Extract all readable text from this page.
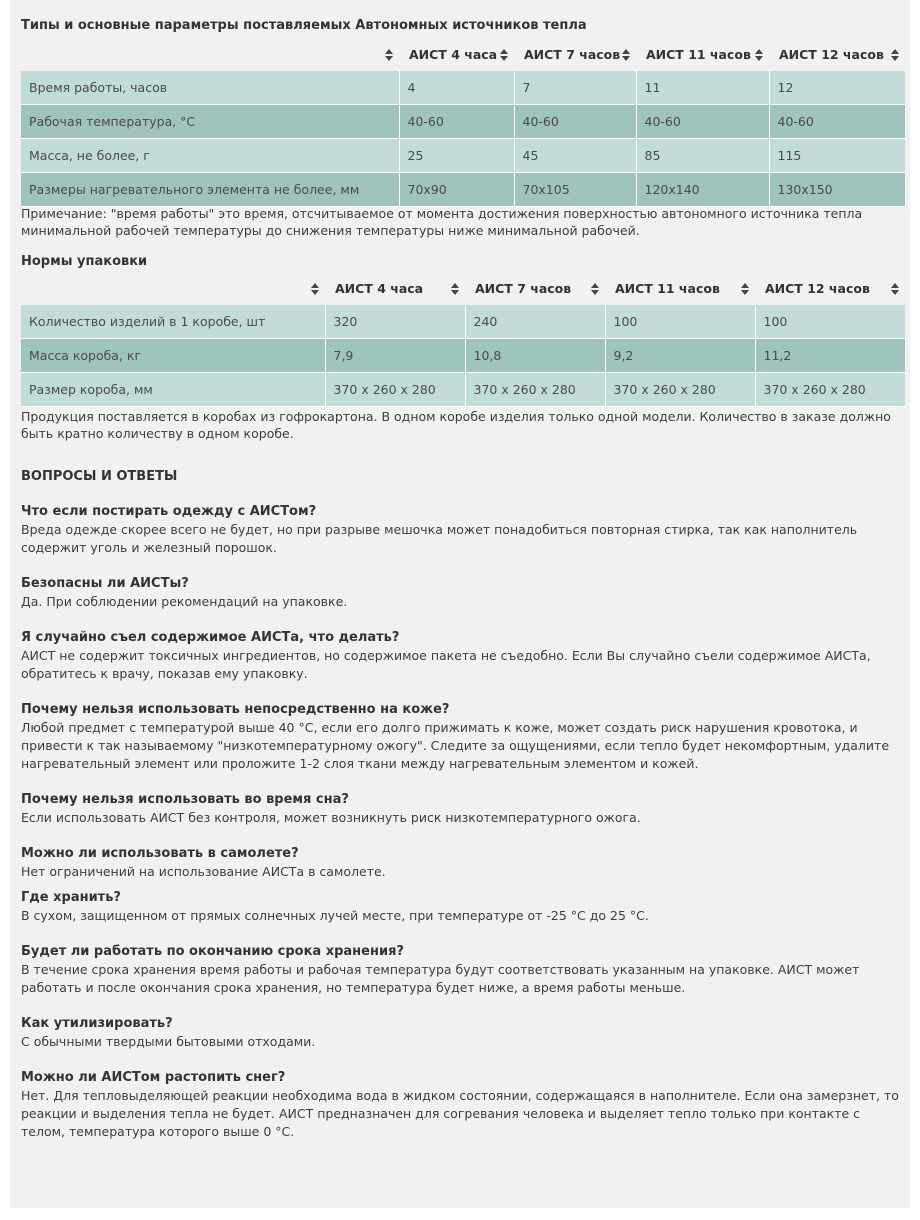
Типы и основные параметры поставляемых Автономных источников тепла
	АИСТ 4 часа	АИСТ 7 часов	АИСТ 11 часов	АИСТ 12 часов

Время работы, часов	4	7	11	12
Рабочая температура, °C	40-60	40-60	40-60	40-60
Масса, не более, г	25	45	85	115
Размеры нагревательного элемента не более, мм	70х90	70х105	120х140	130х150

Примечание: "время работы" это время, отсчитываемое от момента достижения поверхностью автономного источника тепла минимальной рабочей температуры до снижения температуры ниже минимальной рабочей.

Нормы упаковки
	АИСТ 4 часа	АИСТ 7 часов	АИСТ 11 часов	АИСТ 12 часов

Количество изделий в 1 коробе, шт	320	240	100	100
Масса короба, кг	7,9	10,8	9,2	11,2
Размер короба, мм	370 х 260 х 280	370 х 260 х 280	370 х 260 х 280	370 х 260 х 280

Продукция поставляется в коробах из гофрокартона. В одном коробе изделия только одной модели. Количество в заказе должно быть кратно количеству в одном коробе.

ВОПРОСЫ И ОТВЕТЫ

Что если постирать одежду с АИСТом?

Вреда одежде скорее всего не будет, но при разрыве мешочка может понадобиться повторная стирка, так как наполнитель содержит уголь и железный порошок.

Безопасны ли АИСТы?

Да. При соблюдении рекомендаций на упаковке.

Я случайно съел содержимое АИСТа, что делать?

АИСТ не содержит токсичных ингредиентов, но содержимое пакета не съедобно. Если Вы случайно съели содержимое АИСТа, обратитесь к врачу, показав ему упаковку.

Почему нельзя использовать непосредственно на коже?

Любой предмет с температурой выше 40 °C, если его долго прижимать к коже, может создать риск нарушения кровотока, и привести к так называемому "низкотемпературному ожогу". Следите за ощущениями, если тепло будет некомфортным, удалите нагревательный элемент или проложите 1-2 слоя ткани между нагревательным элементом и кожей.

Почему нельзя использовать во время сна?

Если использовать АИСТ без контроля, может возникнуть риск низкотемпературного ожога.

Можно ли использовать в самолете?

Нет ограничений на использование АИСТа в самолете.

Где хранить?

В сухом, защищенном от прямых солнечных лучей месте, при температуре от -25 °C до 25 °C.

Будет ли работать по окончанию срока хранения?

В течение срока хранения время работы и рабочая температура будут соответствовать указанным на упаковке. АИСТ может работать и после окончания срока хранения, но температура будет ниже, а время работы меньше.

Как утилизировать?

С обычными твердыми бытовыми отходами.

Можно ли АИСТом растопить снег?

Нет. Для тепловыделяющей реакции необходима вода в жидком состоянии, содержащаяся в наполнителе. Если она замерзнет, то реакции и выделения тепла не будет. АИСТ предназначен для согревания человека и выделяет тепло только при контакте с телом, температура которого выше 0 °C.
